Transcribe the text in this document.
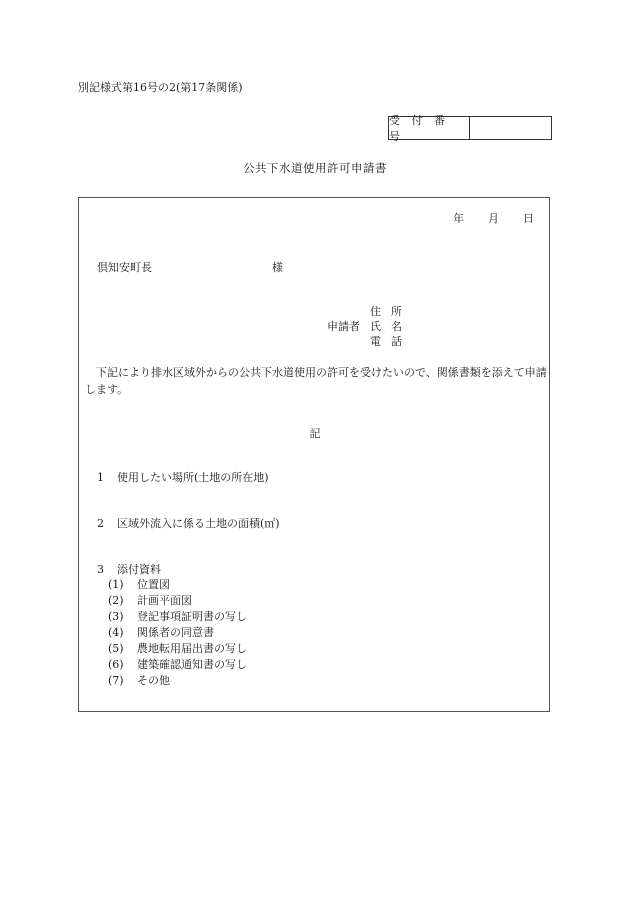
別記様式第16号の2(第17条関係)
受 付 番 号
公共下水道使用許可申請書
年 月 日
倶知安町長	様
申請者
住所
氏名
電話
下記により排水区域外からの公共下水道使用の許可を受けたいので、関係書類を添えて申請します。
記
1 使用したい場所(土地の所在地)
2 区域外流入に係る土地の面積(㎡)
3 添付資料
(1) 位置図
(2) 計画平面図
(3) 登記事項証明書の写し
(4) 関係者の同意書
(5) 農地転用届出書の写し
(6) 建築確認通知書の写し
(7) その他
